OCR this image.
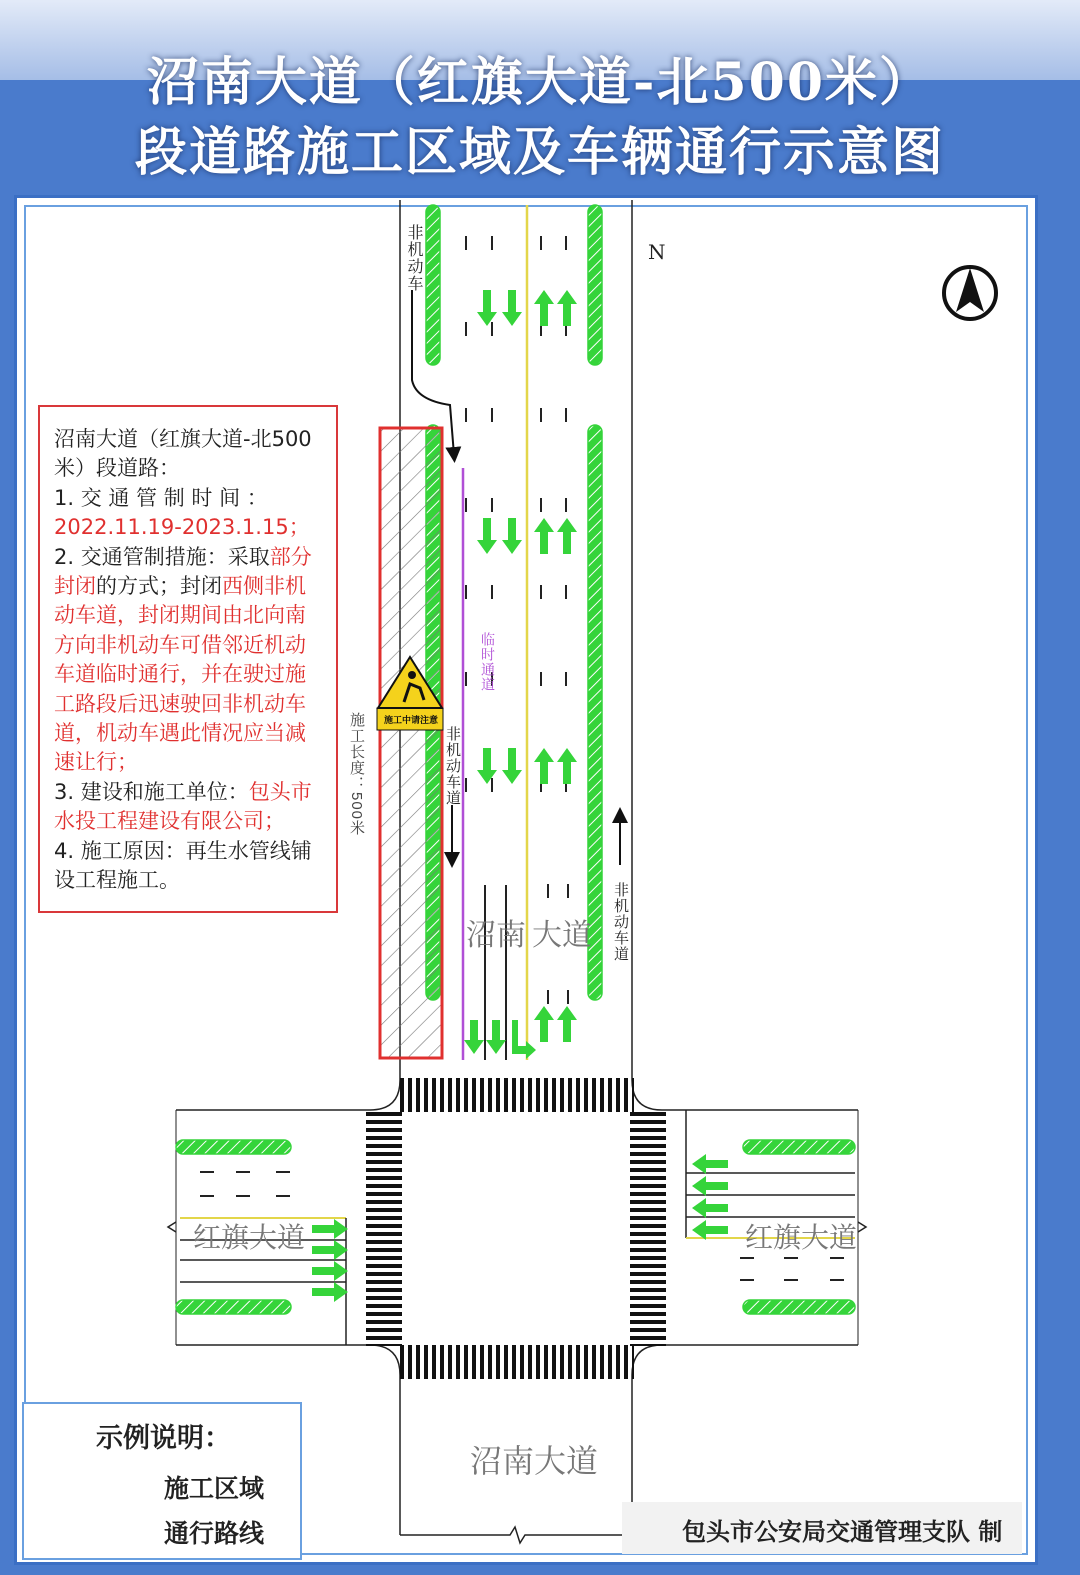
沼南大道（红旗大道-北500米）
段道路施工区域及车辆通行示意图
N
非机动车
非机动车道
非机动车道
临时通道
施工长度：500米	施工中请注意
沼南 大道
沼南大道
红旗大道	红旗大道
沼南大道（红旗大道-北500米）段道路：
1. 交 通 管 制 时 间 ：
2022.11.19-2023.1.15；
2. 交通管制措施：采取部分封闭的方式；封闭西侧非机动车道，封闭期间由北向南方向非机动车可借邻近机动车道临时通行，并在驶过施工路段后迅速驶回非机动车道，机动车遇此情况应当减速让行；
3. 建设和施工单位：包头市水投工程建设有限公司；
4. 施工原因：再生水管线铺设工程施工。
示例说明：
施工区域
通行路线	包头市公安局交通管理支队 制
